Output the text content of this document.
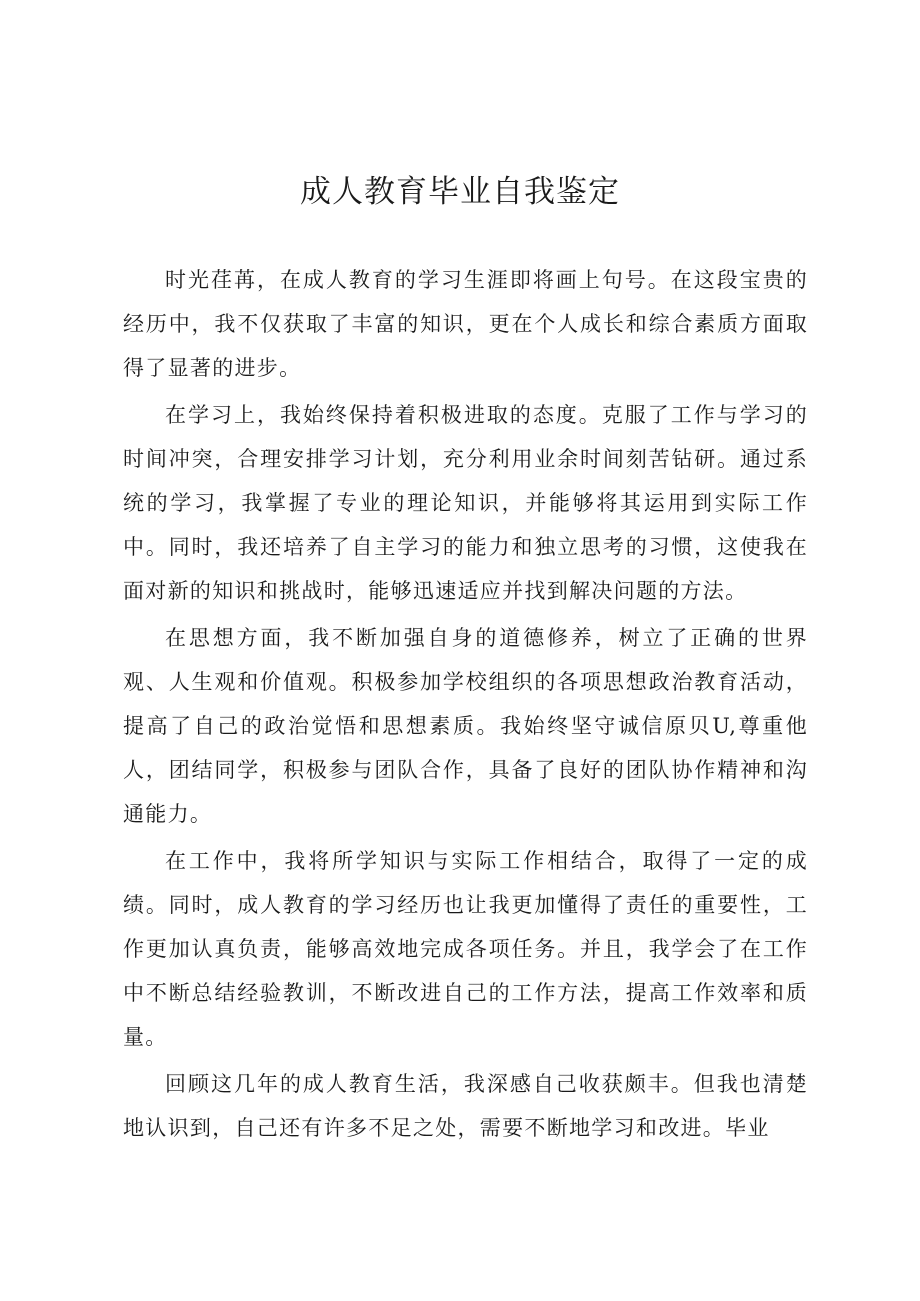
成人教育毕业自我鉴定

时光荏苒，在成人教育的学习生涯即将画上句号。在这段宝贵的经历中，我不仅获取了丰富的知识，更在个人成长和综合素质方面取得了显著的进步。

在学习上，我始终保持着积极进取的态度。克服了工作与学习的时间冲突，合理安排学习计划，充分利用业余时间刻苦钻研。通过系统的学习，我掌握了专业的理论知识，并能够将其运用到实际工作中。同时，我还培养了自主学习的能力和独立思考的习惯，这使我在面对新的知识和挑战时，能够迅速适应并找到解决问题的方法。

在思想方面，我不断加强自身的道德修养，树立了正确的世界观、人生观和价值观。积极参加学校组织的各项思想政治教育活动，提高了自己的政治觉悟和思想素质。我始终坚守诚信原贝U,尊重他人，团结同学，积极参与团队合作，具备了良好的团队协作精神和沟通能力。

在工作中，我将所学知识与实际工作相结合，取得了一定的成绩。同时，成人教育的学习经历也让我更加懂得了责任的重要性，工作更加认真负责，能够高效地完成各项任务。并且，我学会了在工作中不断总结经验教训，不断改进自己的工作方法，提高工作效率和质量。

回顾这几年的成人教育生活，我深感自己收获颇丰。但我也清楚地认识到，自己还有许多不足之处，需要不断地学习和改进。毕业
